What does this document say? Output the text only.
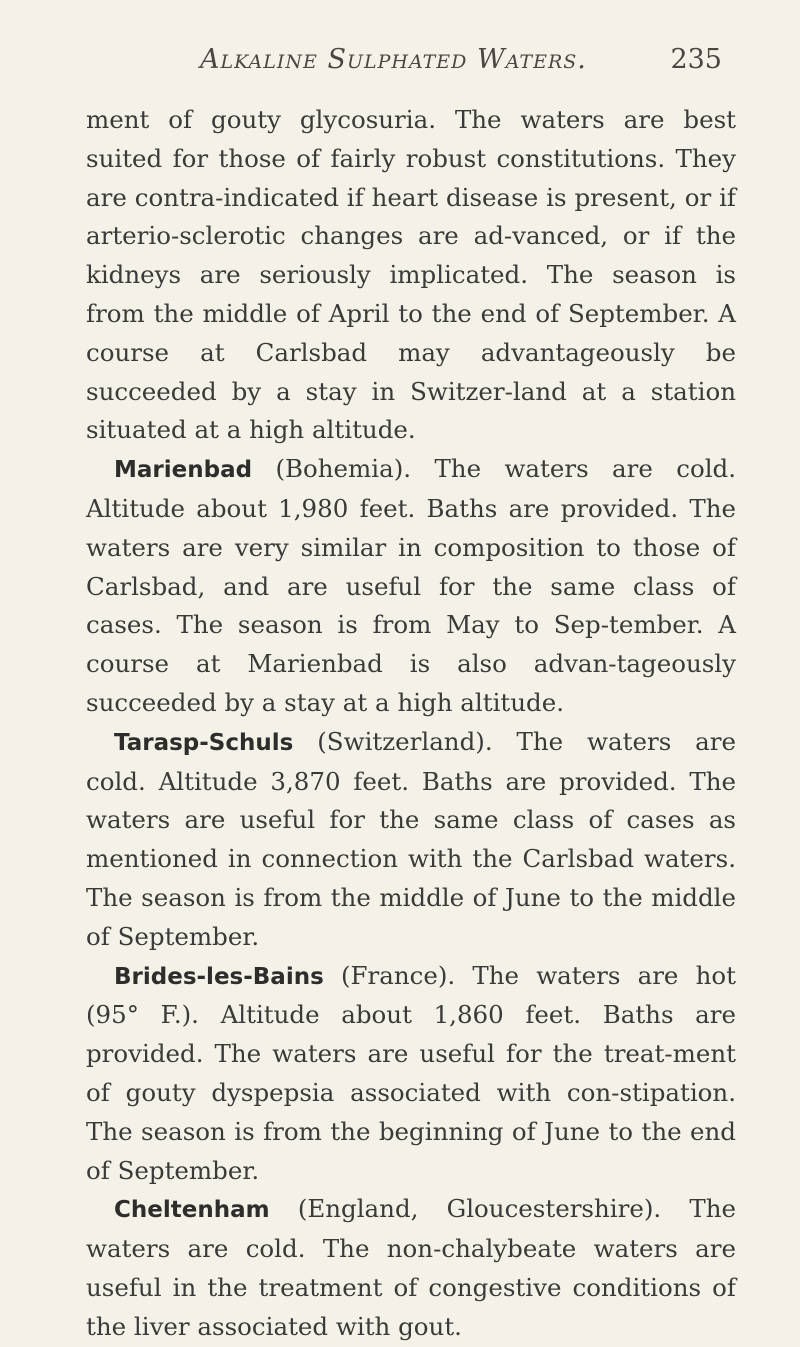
Alkaline Sulphated Waters.	235

ment of gouty glycosuria. The waters are best suited for those of fairly robust constitutions. They are contra-indicated if heart disease is present, or if arterio-sclerotic changes are ad-vanced, or if the kidneys are seriously implicated. The season is from the middle of April to the end of September. A course at Carlsbad may advantageously be succeeded by a stay in Switzer-land at a station situated at a high altitude.

Marienbad (Bohemia). The waters are cold. Altitude about 1,980 feet. Baths are provided. The waters are very similar in composition to those of Carlsbad, and are useful for the same class of cases. The season is from May to Sep-tember. A course at Marienbad is also advan-tageously succeeded by a stay at a high altitude.

Tarasp-Schuls (Switzerland). The waters are cold. Altitude 3,870 feet. Baths are provided. The waters are useful for the same class of cases as mentioned in connection with the Carlsbad waters. The season is from the middle of June to the middle of September.

Brides-les-Bains (France). The waters are hot (95° F.). Altitude about 1,860 feet. Baths are provided. The waters are useful for the treat-ment of gouty dyspepsia associated with con-stipation. The season is from the beginning of June to the end of September.

Cheltenham (England, Gloucestershire). The waters are cold. The non-chalybeate waters are useful in the treatment of congestive conditions of the liver associated with gout.
